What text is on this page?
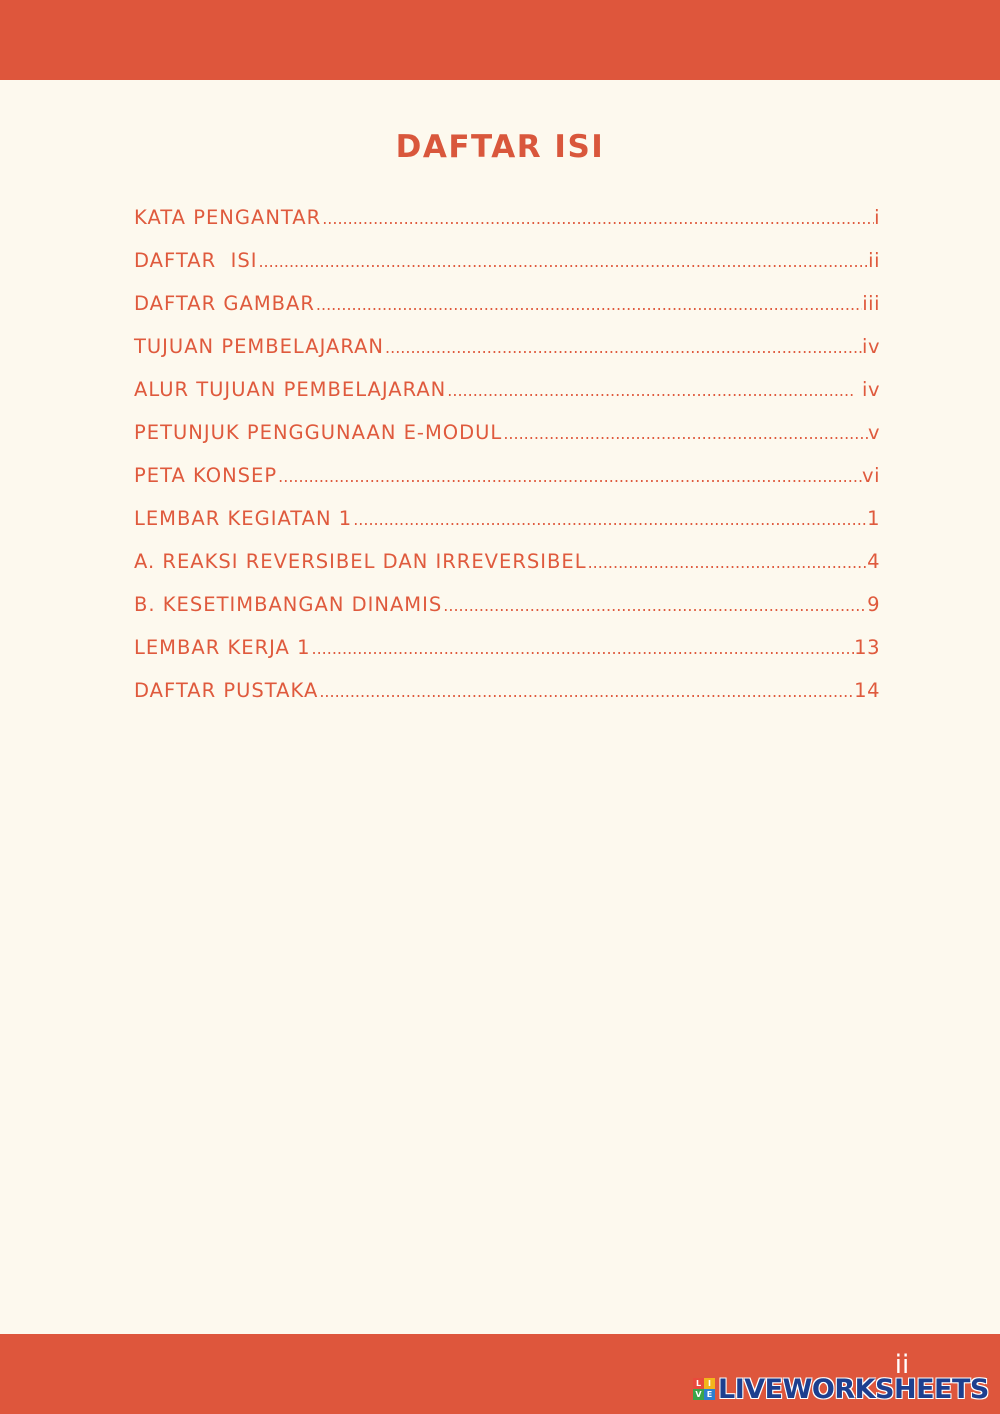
DAFTAR ISI
KATA PENGANTAR .....	i
DAFTAR  ISI .....	ii
DAFTAR GAMBAR .....	iii
TUJUAN PEMBELAJARAN .....	iv
ALUR TUJUAN PEMBELAJARAN .....	iv
PETUNJUK PENGGUNAAN E-MODUL .....	v
PETA KONSEP .....	vi
LEMBAR KEGIATAN 1 .....	1
A. REAKSI REVERSIBEL DAN IRREVERSIBEL .....	4
B. KESETIMBANGAN DINAMIS .....	9
LEMBAR KERJA 1 .....	13
DAFTAR PUSTAKA .....	14
ii
L I
V E LIVEWORKSHEETS
